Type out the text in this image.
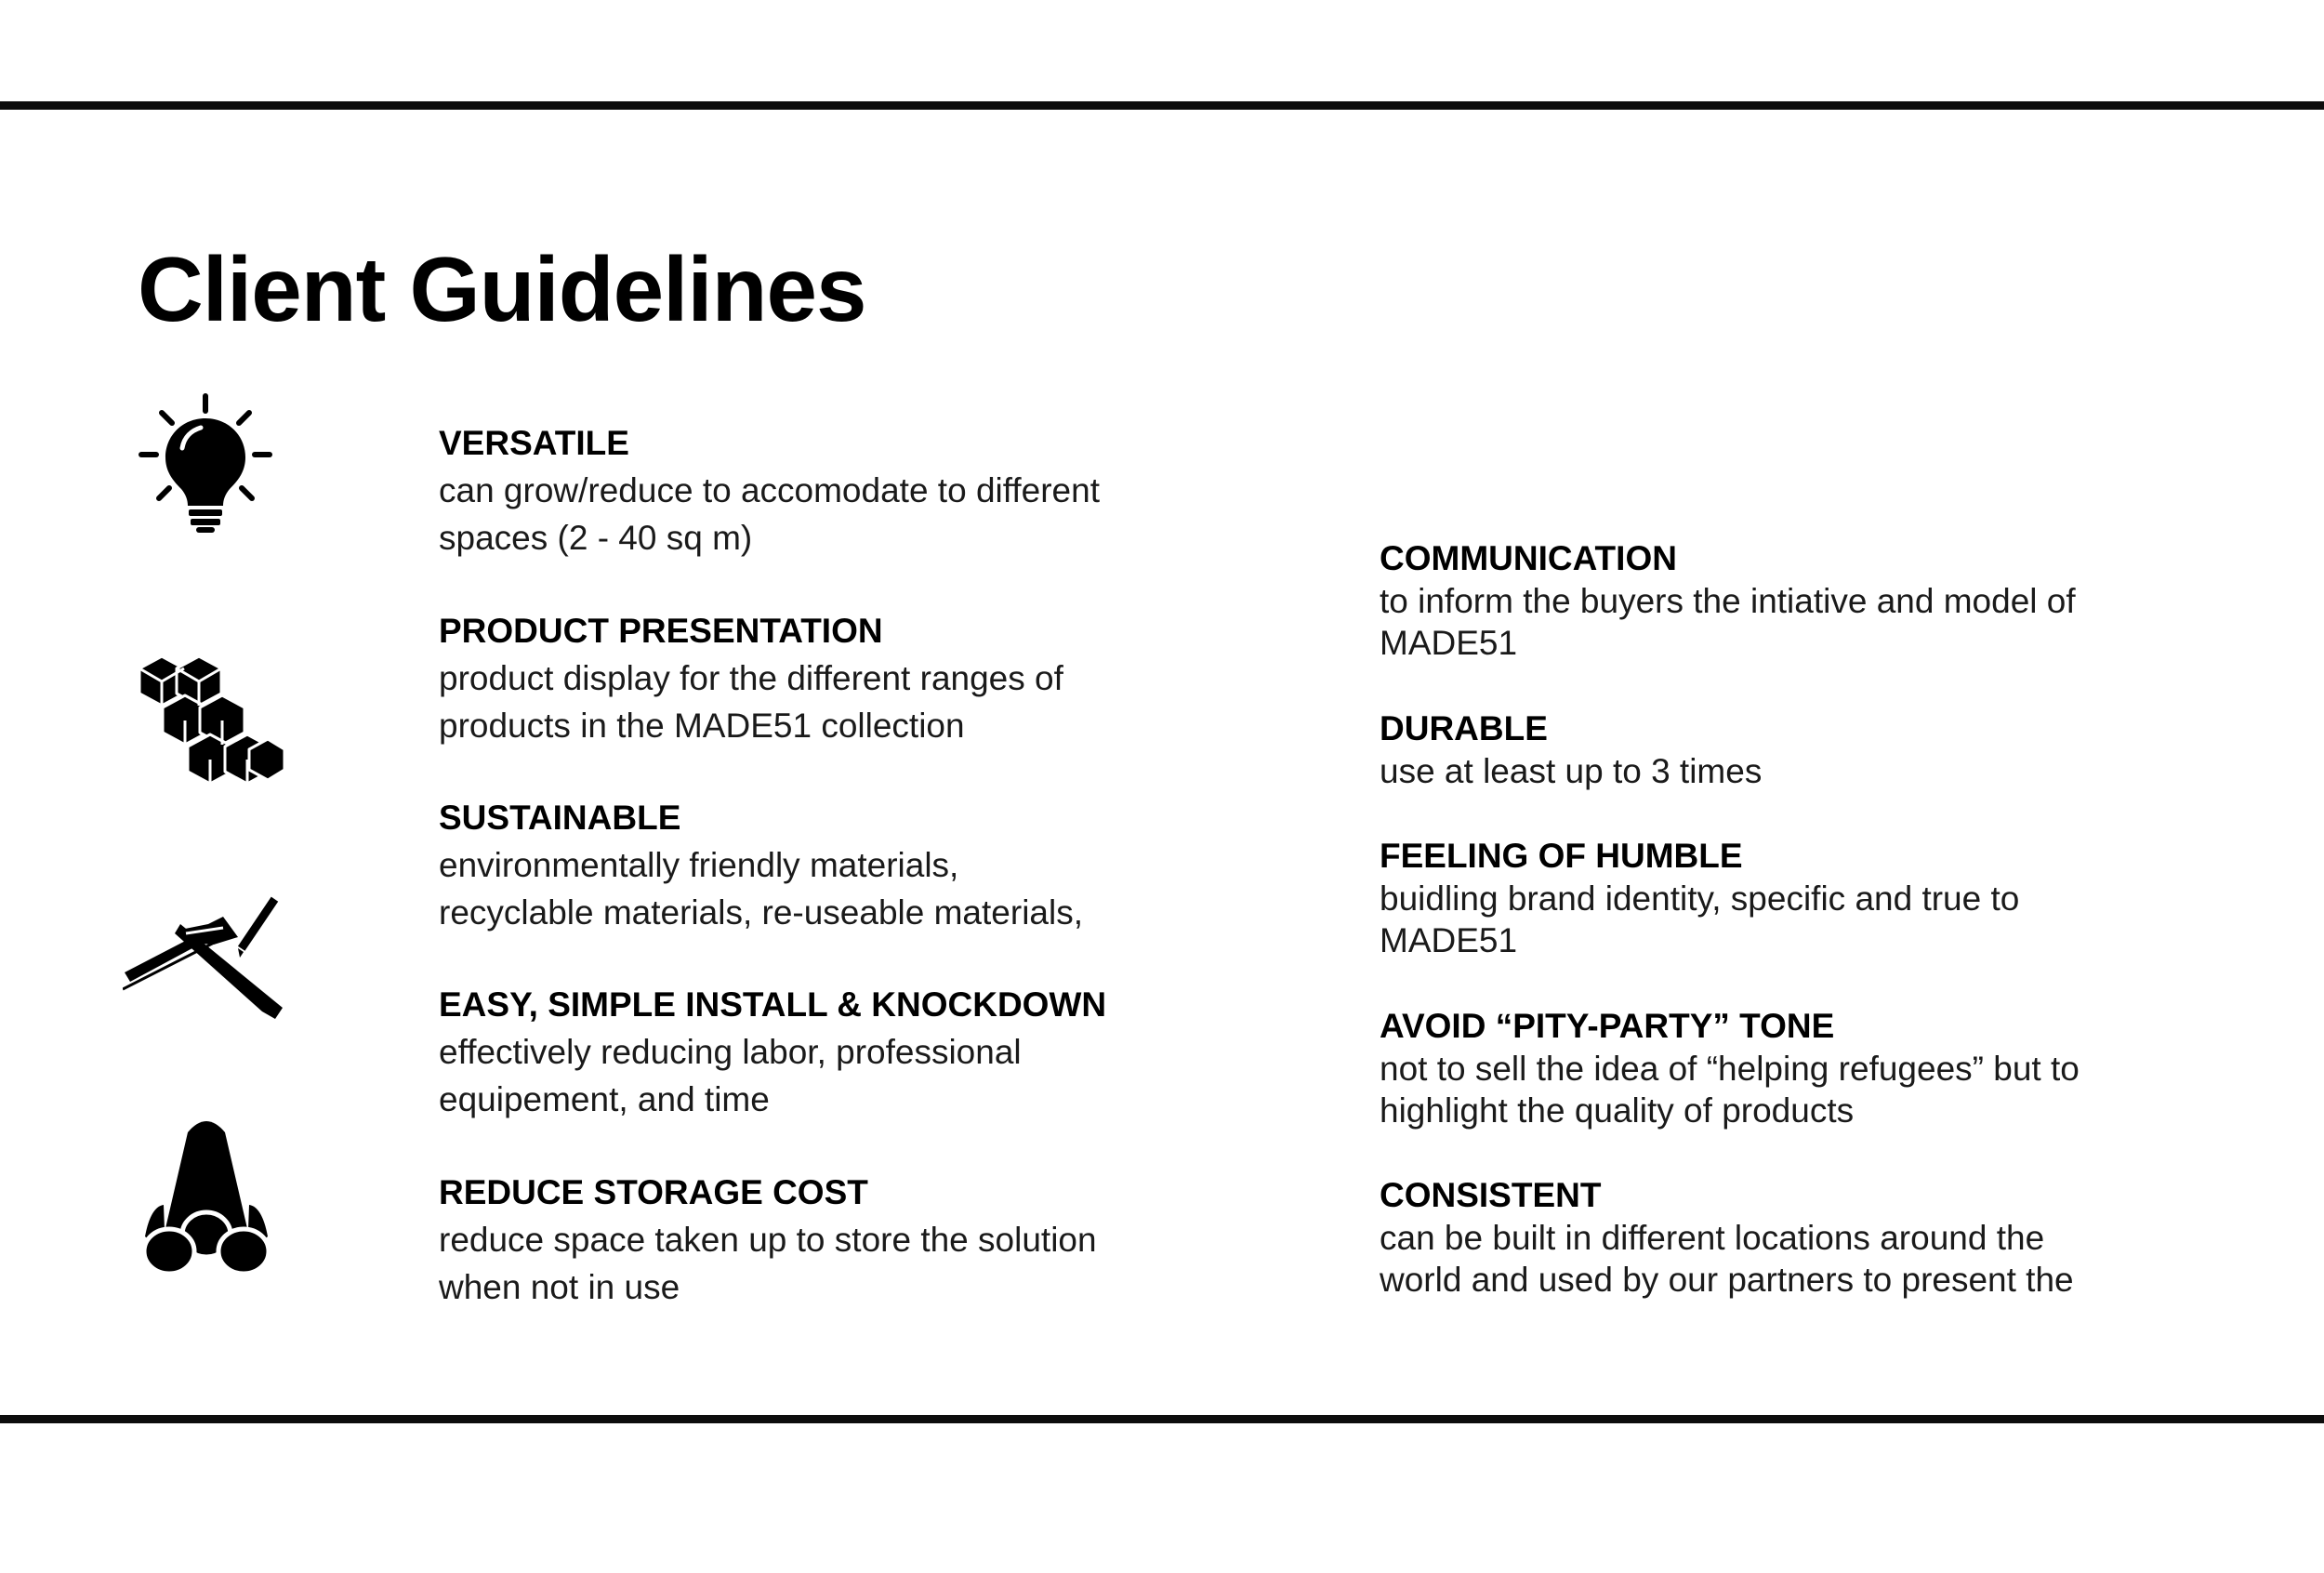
Client Guidelines
VERSATILE
can grow/reduce to accomodate to different
spaces (2 - 40 sq m)
PRODUCT PRESENTATION
product display for the different ranges of
products in the MADE51 collection
SUSTAINABLE
environmentally friendly materials,
recyclable materials, re-useable materials,
EASY, SIMPLE INSTALL & KNOCKDOWN
effectively reducing labor, professional
equipement, and time
REDUCE STORAGE COST
reduce space taken up to store the solution
when not in use
COMMUNICATION
to inform the buyers the intiative and model of
MADE51
DURABLE
use at least up to 3 times
FEELING OF HUMBLE
buidling brand identity, specific and true to
MADE51
AVOID “PITY-PARTY” TONE
not to sell the idea of “helping refugees” but to
highlight the quality of products
CONSISTENT
can be built in different locations around the
world and used by our partners to present the
